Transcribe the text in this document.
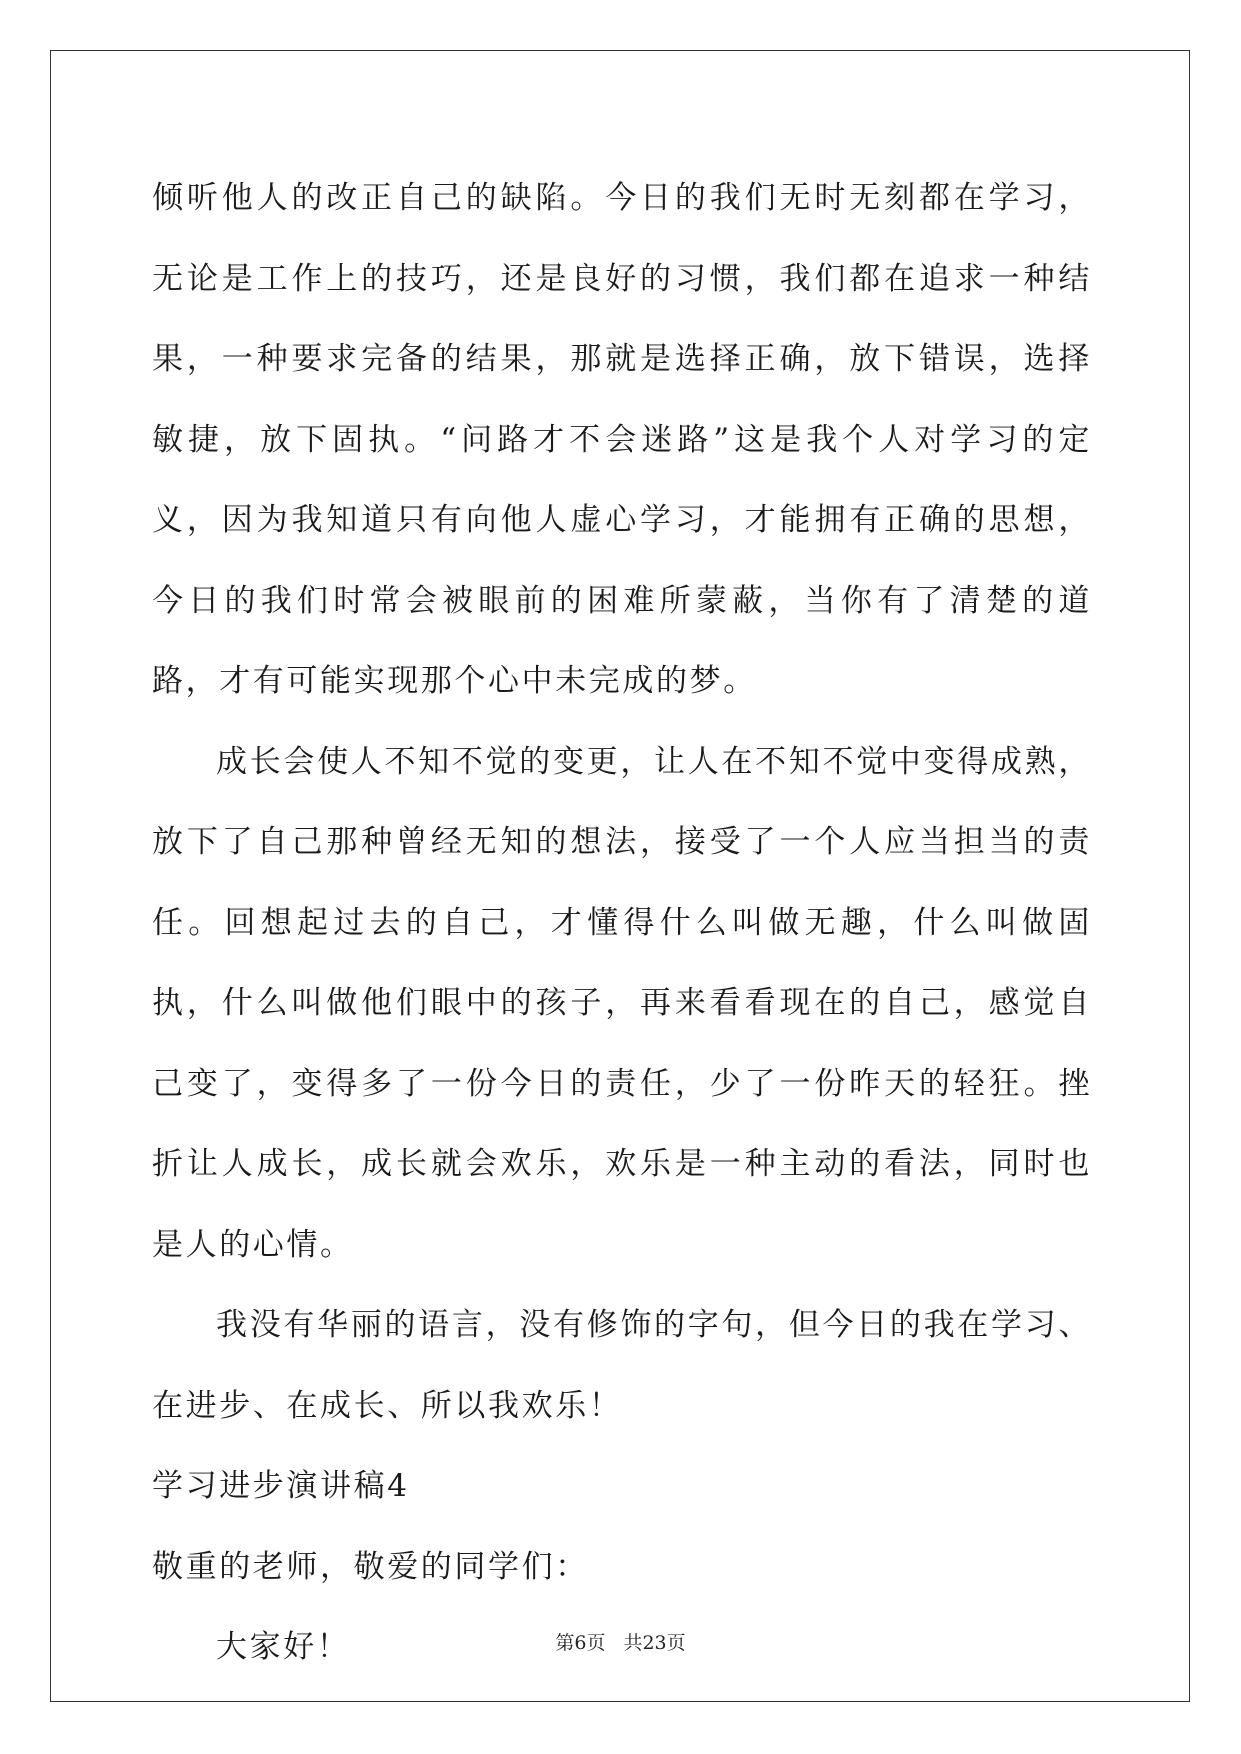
倾听他人的改正自己的缺陷。今日的我们无时无刻都在学习，无论是工作上的技巧，还是良好的习惯，我们都在追求一种结果，一种要求完备的结果，那就是选择正确，放下错误，选择敏捷，放下固执。“问路才不会迷路”这是我个人对学习的定义，因为我知道只有向他人虚心学习，才能拥有正确的思想，今日的我们时常会被眼前的困难所蒙蔽，当你有了清楚的道路，才有可能实现那个心中未完成的梦。

成长会使人不知不觉的变更，让人在不知不觉中变得成熟，放下了自己那种曾经无知的想法，接受了一个人应当担当的责任。回想起过去的自己，才懂得什么叫做无趣，什么叫做固执，什么叫做他们眼中的孩子，再来看看现在的自己，感觉自己变了，变得多了一份今日的责任，少了一份昨天的轻狂。挫折让人成长，成长就会欢乐，欢乐是一种主动的看法，同时也是人的心情。

我没有华丽的语言，没有修饰的字句，但今日的我在学习、在进步、在成长、所以我欢乐！

学习进步演讲稿4

敬重的老师，敬爱的同学们：

大家好！	第6页 共23页
